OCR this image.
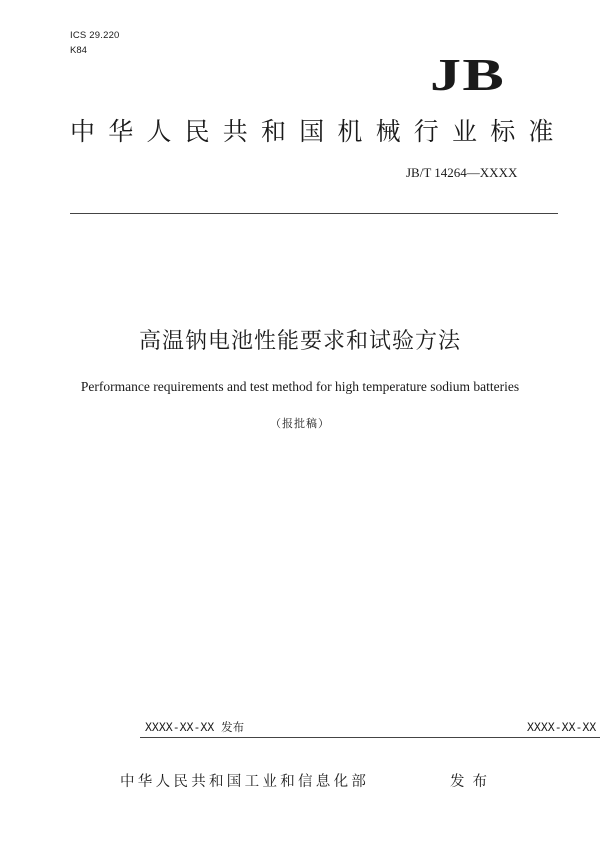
ICS 29.220
K84	JB
中华人民共和国机械行业标准
JB/T 14264—XXXX
高温钠电池性能要求和试验方法
Performance requirements and test method for high temperature sodium batteries
（报批稿）
XXXX-XX-XX 发布	XXXX-XX-XX
中华人民共和国工业和信息化部	发布
